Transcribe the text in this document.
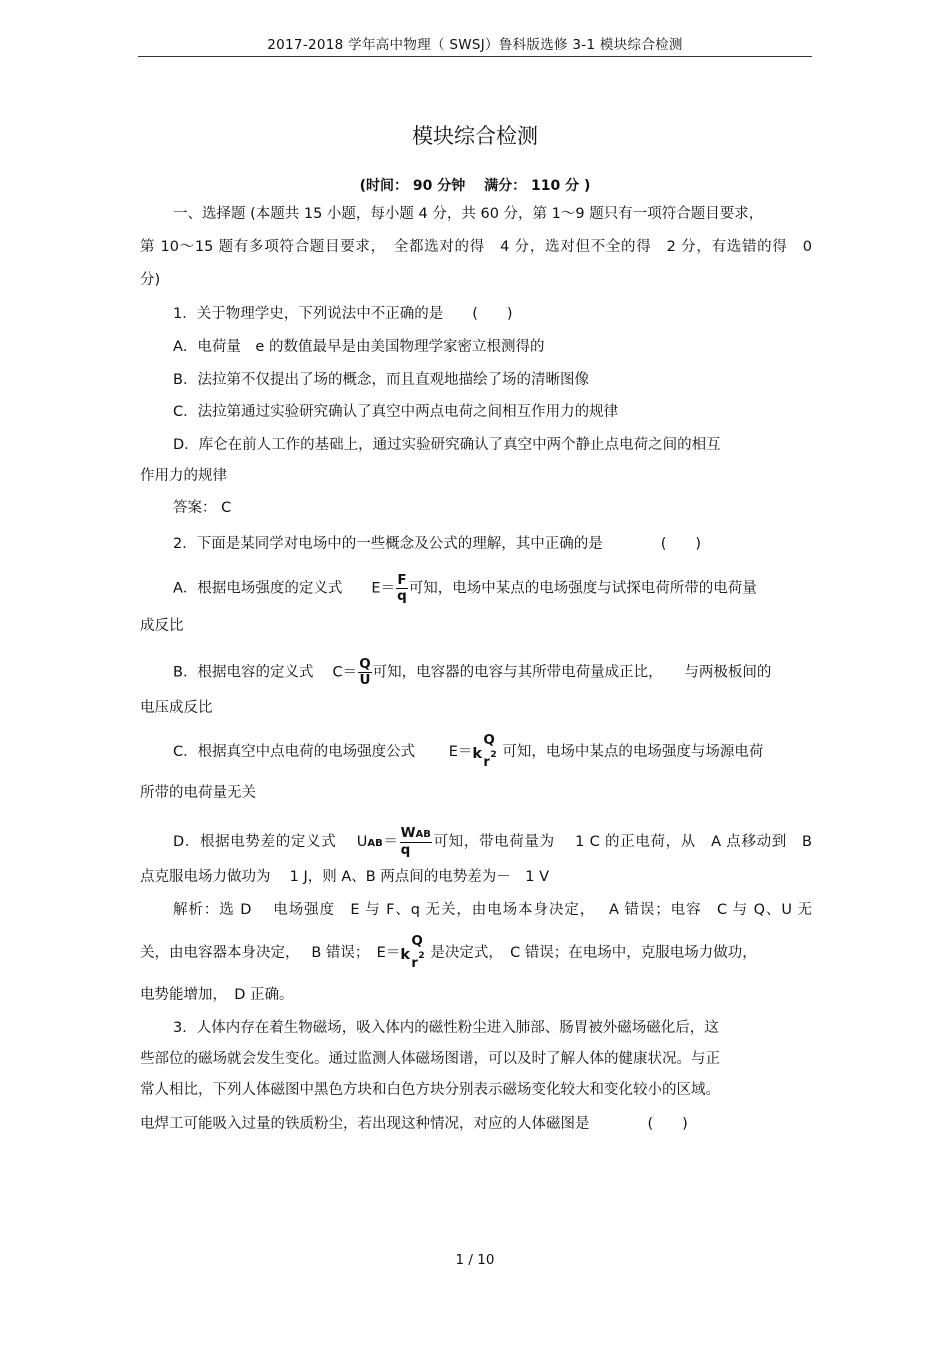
2017-2018 学年高中物理（ SWSJ）鲁科版选修 3-1 模块综合检测
模块综合检测
(时间： 90 分钟　 满分： 110 分 )
一、选择题 (本题共 15 小题，每小题 4 分，共 60 分，第 1～9 题只有一项符合题目要求，
第 10～15 题有多项符合题目要求，　全都选对的得　4 分，选对但不全的得　2 分，有选错的得　0
分)
1．关于物理学史，下列说法中不正确的是　　(　　)
A．电荷量　e 的数值最早是由美国物理学家密立根测得的
B．法拉第不仅提出了场的概念，而且直观地描绘了场的清晰图像
C．法拉第通过实验研究确认了真空中两点电荷之间相互作用力的规律
D．库仑在前人工作的基础上，通过实验研究确认了真空中两个静止点电荷之间的相互
作用力的规律
答案： C
2．下面是某同学对电场中的一些概念及公式的理解，其中正确的是　　　　(　　)
A．根据电场强度的定义式　　$E= \frac{F}{q}$ 可知，电场中某点的电场强度与试探电荷所带的电荷量
成反比
B．根据电容的定义式　 $C= \frac{Q}{U}$ 可知，电容器的电容与其所带电荷量成正比，　　与两极板间的
电压成反比
C．根据真空中点电荷的电场强度公式　　 E＝ k
Q
r 2 可知，电场中某点的电场强度与场源电荷
所带的电荷量无关
D．根据电势差的定义式　 $UAB= \frac{\text{WAB}}{q}$ 可知，带电荷量为　 1 C 的正电荷，从　A 点移动到　B
点克服电场力做功为　 1 J，则 A、B 两点间的电势差为－　1 V
解析：选 D　 电场强度　E 与 F、q 无关，由电场本身决定，　 A 错误；电容　C 与 Q、U 无
关，由电容器本身决定，　 B 错误；　E＝ k
Q
r 2 是决定式，　C 错误；在电场中，克服电场力做功，
电势能增加，　D 正确。
3．人体内存在着生物磁场，吸入体内的磁性粉尘进入肺部、肠胃被外磁场磁化后，这
些部位的磁场就会发生变化。通过监测人体磁场图谱，可以及时了解人体的健康状况。与正
常人相比，下列人体磁图中黑色方块和白色方块分别表示磁场变化较大和变化较小的区域。
电焊工可能吸入过量的铁质粉尘，若出现这种情况，对应的人体磁图是　　　　(　　)
1 / 10
